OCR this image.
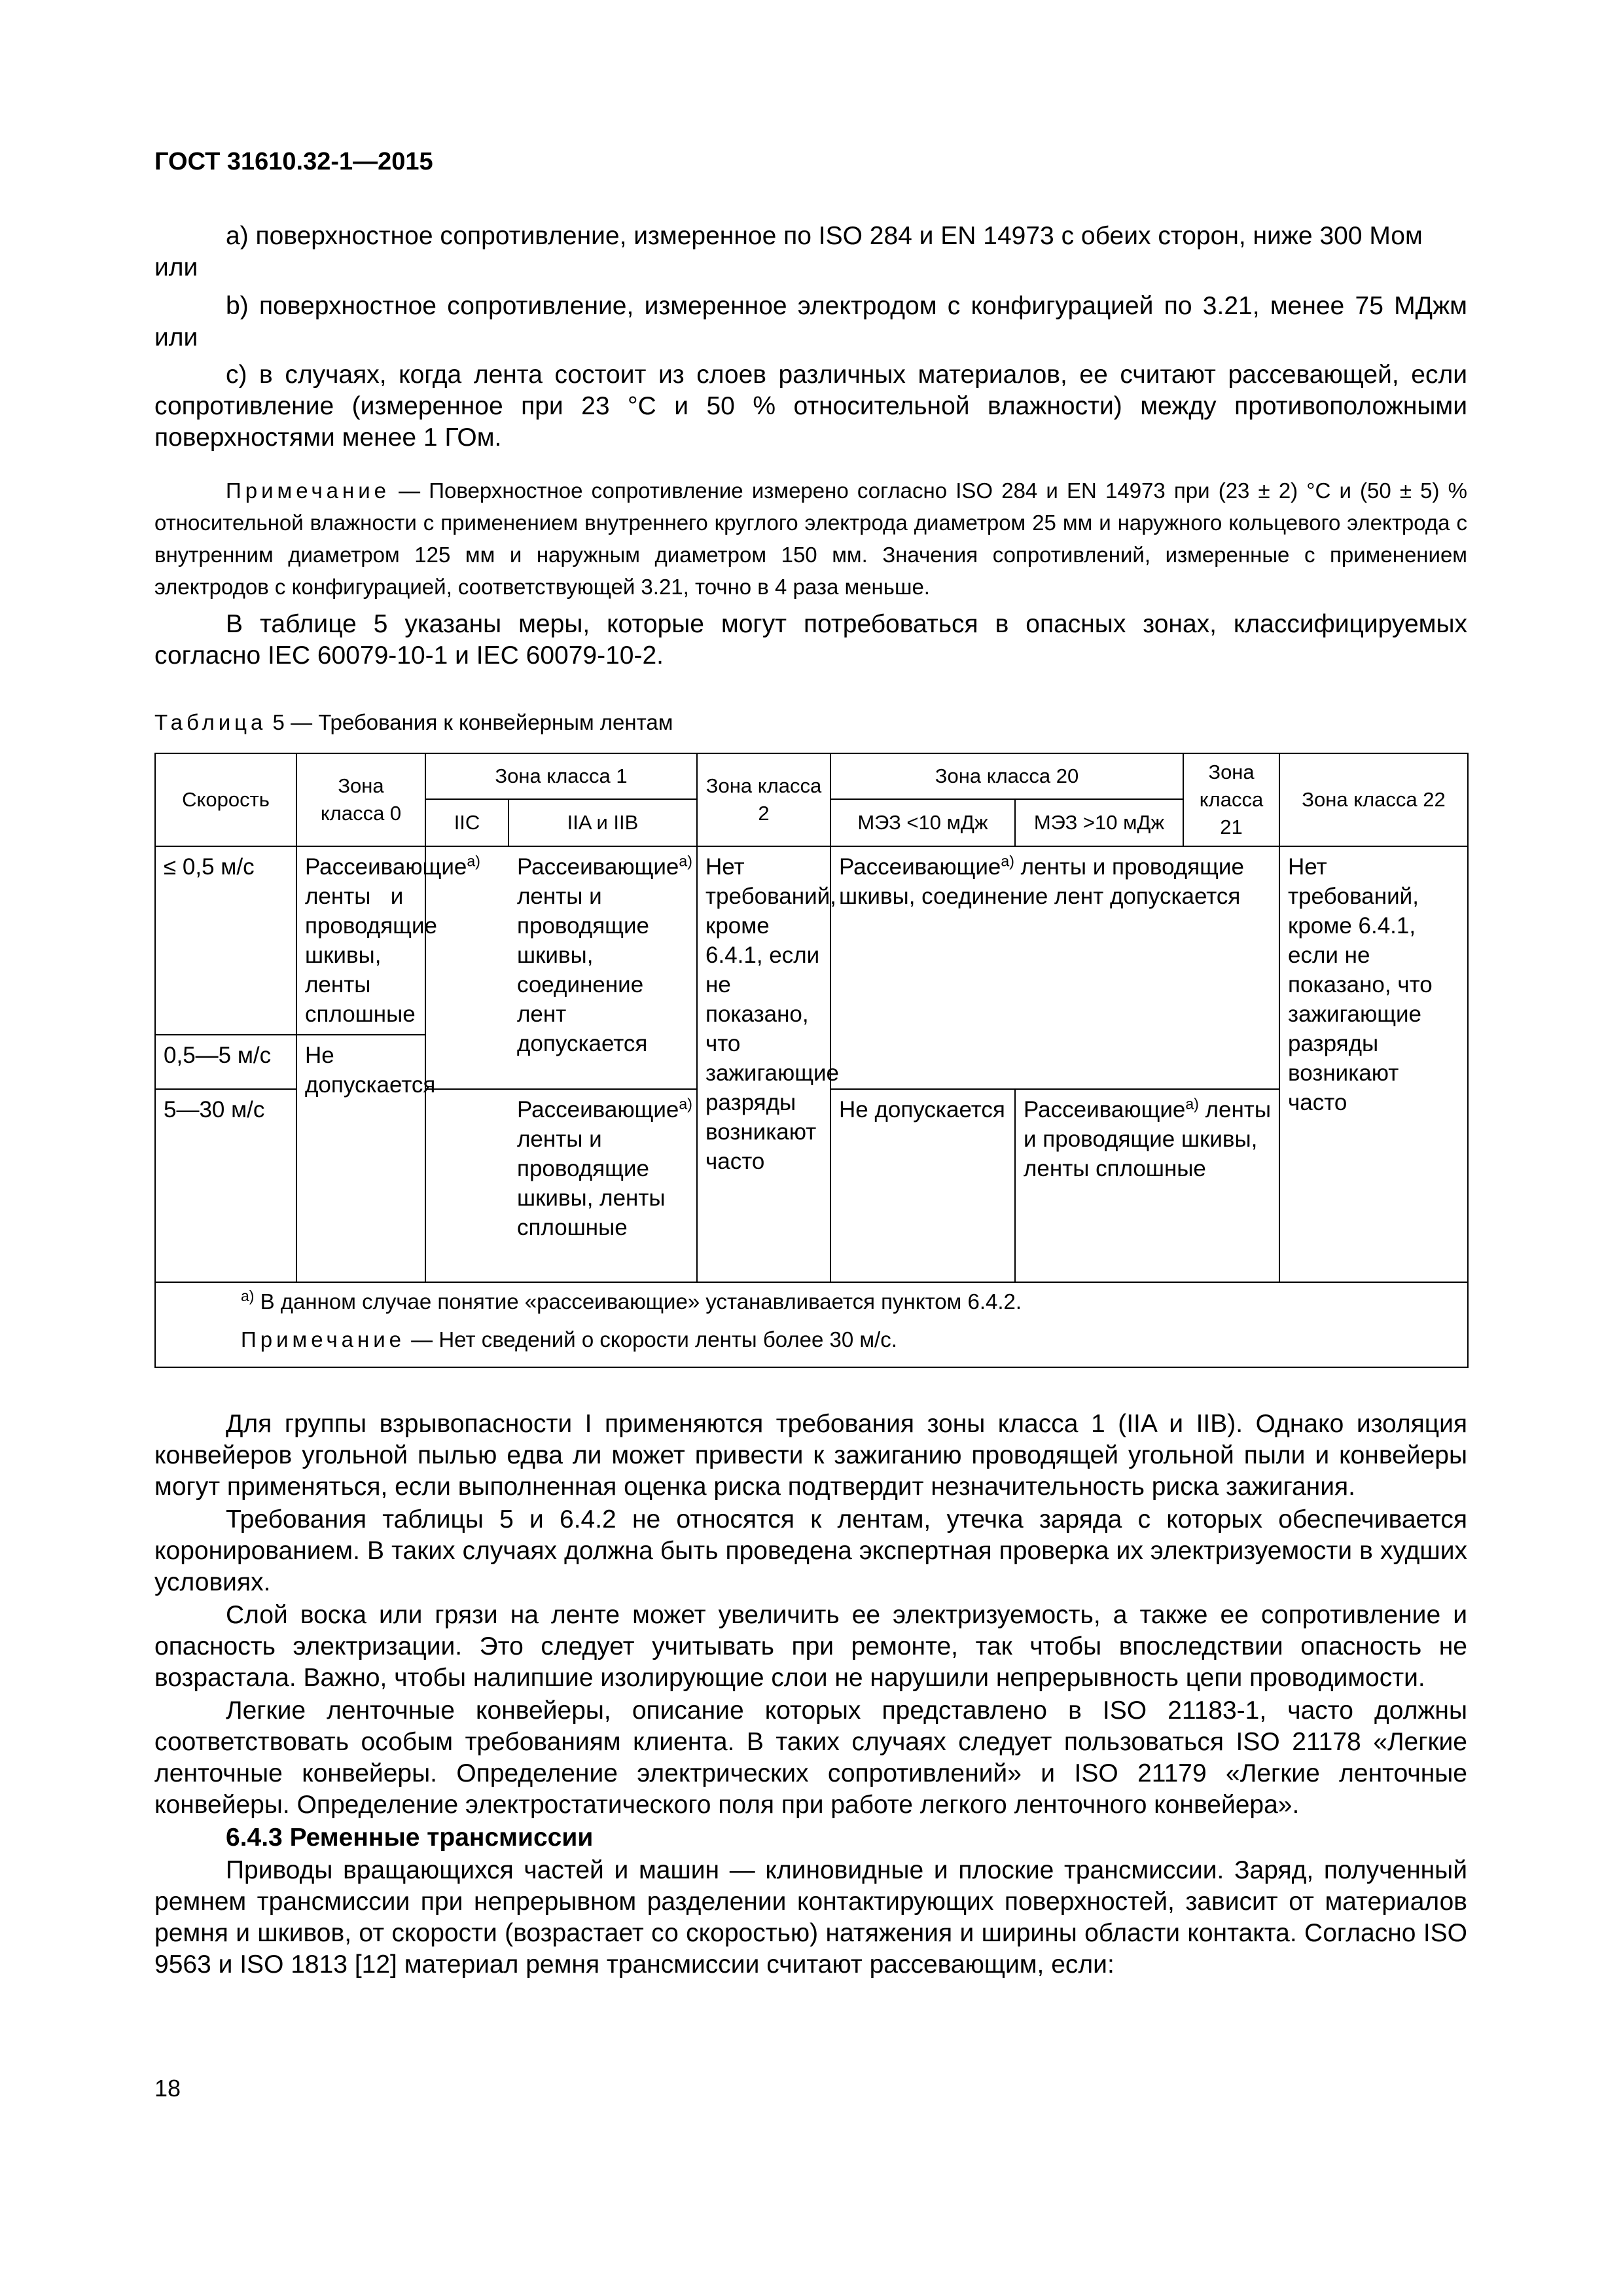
ГОСТ 31610.32-1—2015
а) поверхностное сопротивление, измеренное по ISO 284 и EN 14973 с обеих сторон, ниже 300 Мом
или
b) поверхностное сопротивление, измеренное электродом с конфигурацией по 3.21, менее 75 МДжм или
с) в случаях, когда лента состоит из слоев различных материалов, ее считают рассевающей, если сопротивление (измеренное при 23 °С и 50 % относительной влажности) между противоположными поверхностями менее 1 ГОм.
Примечание — Поверхностное сопротивление измерено согласно ISO 284 и EN 14973 при (23 ± 2) °С и (50 ± 5) % относительной влажности с применением внутреннего круглого электрода диаметром 25 мм и наружного кольцевого электрода с внутренним диаметром 125 мм и наружным диаметром 150 мм. Значения сопротивлений, измеренные с применением электродов с конфигурацией, соответствующей 3.21, точно в 4 раза меньше.
В таблице 5 указаны меры, которые могут потребоваться в опасных зонах, классифицируемых согласно IEC 60079-10-1 и IEC 60079-10-2.
Таблица 5 — Требования к конвейерным лентам
Скорость	Зона класса 0	Зона класса 1		Зона класса 2	Зона класса 20		Зона класса 21	Зона класса 22
		IIC	IIA и IIB		МЭЗ <10 мДж	МЭЗ >10 мДж		
≤ 0,5 м/с	Рассеивающие$^{а)}$ ленты и проводящие шкивы, ленты сплошные	Рассеивающие$^{а)}$ ленты и проводящие шкивы, соединение лент допускается		Нет требований, кроме 6.4.1, если не показано, что зажигающие разряды возникают часто	Рассеивающие$^{а)}$ ленты и проводящие шкивы, соединение лент допускается			Нет требований, кроме 6.4.1, если не показано, что зажигающие разряды возникают часто
0,5—5 м/с	Не допускается							
5—30 м/с		Рассеивающие$^{а)}$ ленты и проводящие шкивы, ленты сплошные			Не допускается	Рассеивающие$^{а)}$ ленты и проводящие шкивы, ленты сплошные		

$^{а)}$ В данном случае понятие «рассеивающие» устанавливается пунктом 6.4.2.
Примечание — Нет сведений о скорости ленты более 30 м/с.								
Для группы взрывопасности I применяются требования зоны класса 1 (IIA и IIB). Однако изоляция конвейеров угольной пылью едва ли может привести к зажиганию проводящей угольной пыли и конвейеры могут применяться, если выполненная оценка риска подтвердит незначительность риска зажигания.
Требования таблицы 5 и 6.4.2 не относятся к лентам, утечка заряда с которых обеспечивается коронированием. В таких случаях должна быть проведена экспертная проверка их электризуемости в худших условиях.
Слой воска или грязи на ленте может увеличить ее электризуемость, а также ее сопротивление и опасность электризации. Это следует учитывать при ремонте, так чтобы впоследствии опасность не возрастала. Важно, чтобы налипшие изолирующие слои не нарушили непрерывность цепи проводимости.
Легкие ленточные конвейеры, описание которых представлено в ISO 21183-1, часто должны соответствовать особым требованиям клиента. В таких случаях следует пользоваться ISO 21178 «Легкие ленточные конвейеры. Определение электрических сопротивлений» и ISO 21179 «Легкие ленточные конвейеры. Определение электростатического поля при работе легкого ленточного конвейера».
6.4.3 Ременные трансмиссии
Приводы вращающихся частей и машин — клиновидные и плоские трансмиссии. Заряд, полученный ремнем трансмиссии при непрерывном разделении контактирующих поверхностей, зависит от материалов ремня и шкивов, от скорости (возрастает со скоростью) натяжения и ширины области контакта. Согласно ISO 9563 и ISO 1813 [12] материал ремня трансмиссии считают рассевающим, если:
18
